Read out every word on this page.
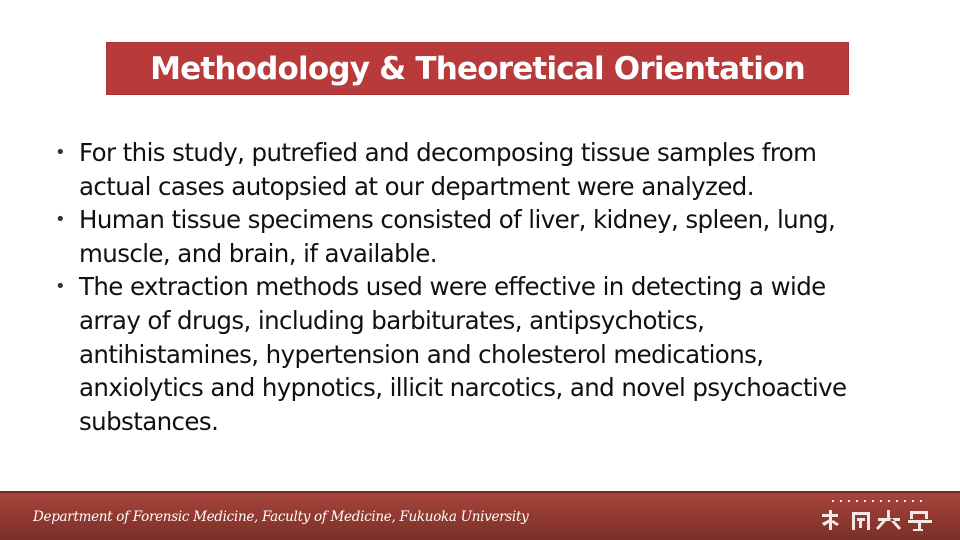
Methodology & Theoretical Orientation
• For this study, putrefied and decomposing tissue samples from actual cases autopsied at our department were analyzed.
• Human tissue specimens consisted of liver, kidney, spleen, lung, muscle, and brain, if available.
• The extraction methods used were effective in detecting a wide array of drugs, including barbiturates, antipsychotics, antihistamines, hypertension and cholesterol medications, anxiolytics and hypnotics, illicit narcotics, and novel psychoactive substances.
Department of Forensic Medicine, Faculty of Medicine, Fukuoka University
